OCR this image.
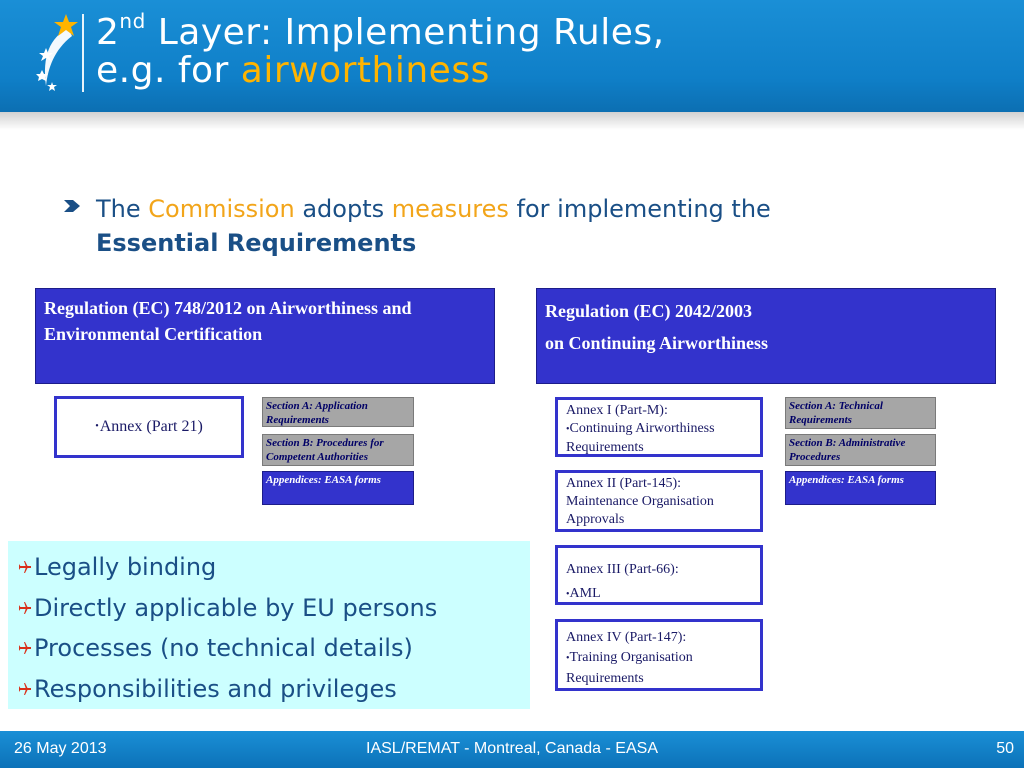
2nd Layer: Implementing Rules,
e.g. for airworthiness
The Commission adopts measures for implementing the
Essential Requirements
Regulation (EC) 748/2012 on Airworthiness and Environmental Certification
Regulation (EC) 2042/2003
on Continuing Airworthiness
• Annex (Part 21)
Section A: Application Requirements
Section B: Procedures for Competent Authorities
Appendices: EASA forms
Annex I (Part-M):
•Continuing Airworthiness Requirements
Annex II (Part-145): Maintenance Organisation Approvals
Annex III (Part-66):
•AML
Annex IV (Part-147):
•Training Organisation Requirements
Section A: Technical Requirements
Section B: Administrative Procedures
Appendices: EASA forms
Legally binding
Directly applicable by EU persons
Processes (no technical details)
Responsibilities and privileges
26 May 2013	IASL/REMAT - Montreal, Canada - EASA	50
